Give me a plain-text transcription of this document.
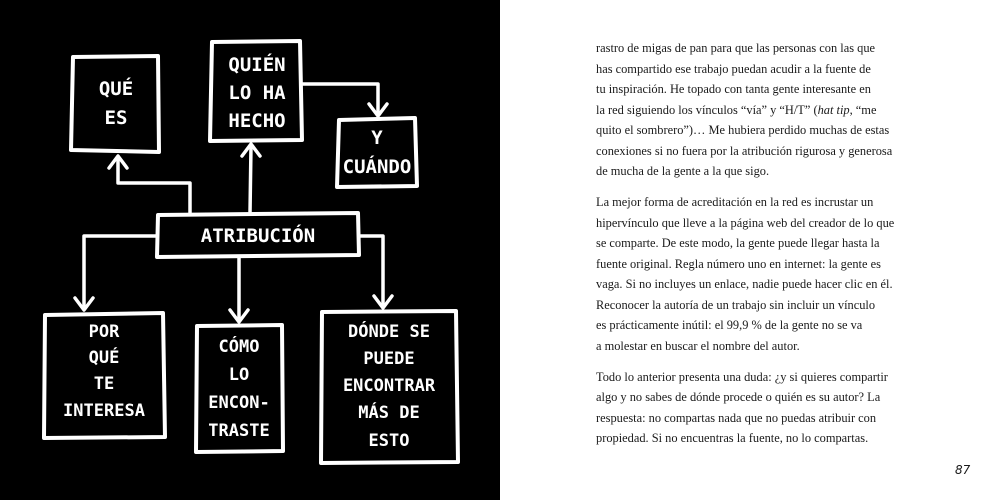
ATRIBUCIÓN
QUÉ
ES
QUIÉN
LO HA
HECHO
Y
CUÁNDO
POR
QUÉ
TE
INTERESA
CÓMO
LO
ENCON-
TRASTE
DÓNDE SE
PUEDE
ENCONTRAR
MÁS DE
ESTO

rastro de migas de pan para que las personas con las que
has compartido ese trabajo puedan acudir a la fuente de
tu inspiración. He topado con tanta gente interesante en
la red siguiendo los vínculos “vía” y “H/T” (hat tip, “me
quito el sombrero”)… Me hubiera perdido muchas de estas
conexiones si no fuera por la atribución rigurosa y generosa
de mucha de la gente a la que sigo.

La mejor forma de acreditación en la red es incrustar un
hipervínculo que lleve a la página web del creador de lo que
se comparte. De este modo, la gente puede llegar hasta la
fuente original. Regla número uno en internet: la gente es
vaga. Si no incluyes un enlace, nadie puede hacer clic en él.
Reconocer la autoría de un trabajo sin incluir un vínculo
es prácticamente inútil: el 99,9 % de la gente no se va
a molestar en buscar el nombre del autor.

Todo lo anterior presenta una duda: ¿y si quieres compartir
algo y no sabes de dónde procede o quién es su autor? La
respuesta: no compartas nada que no puedas atribuir con
propiedad. Si no encuentras la fuente, no lo compartas.

87
